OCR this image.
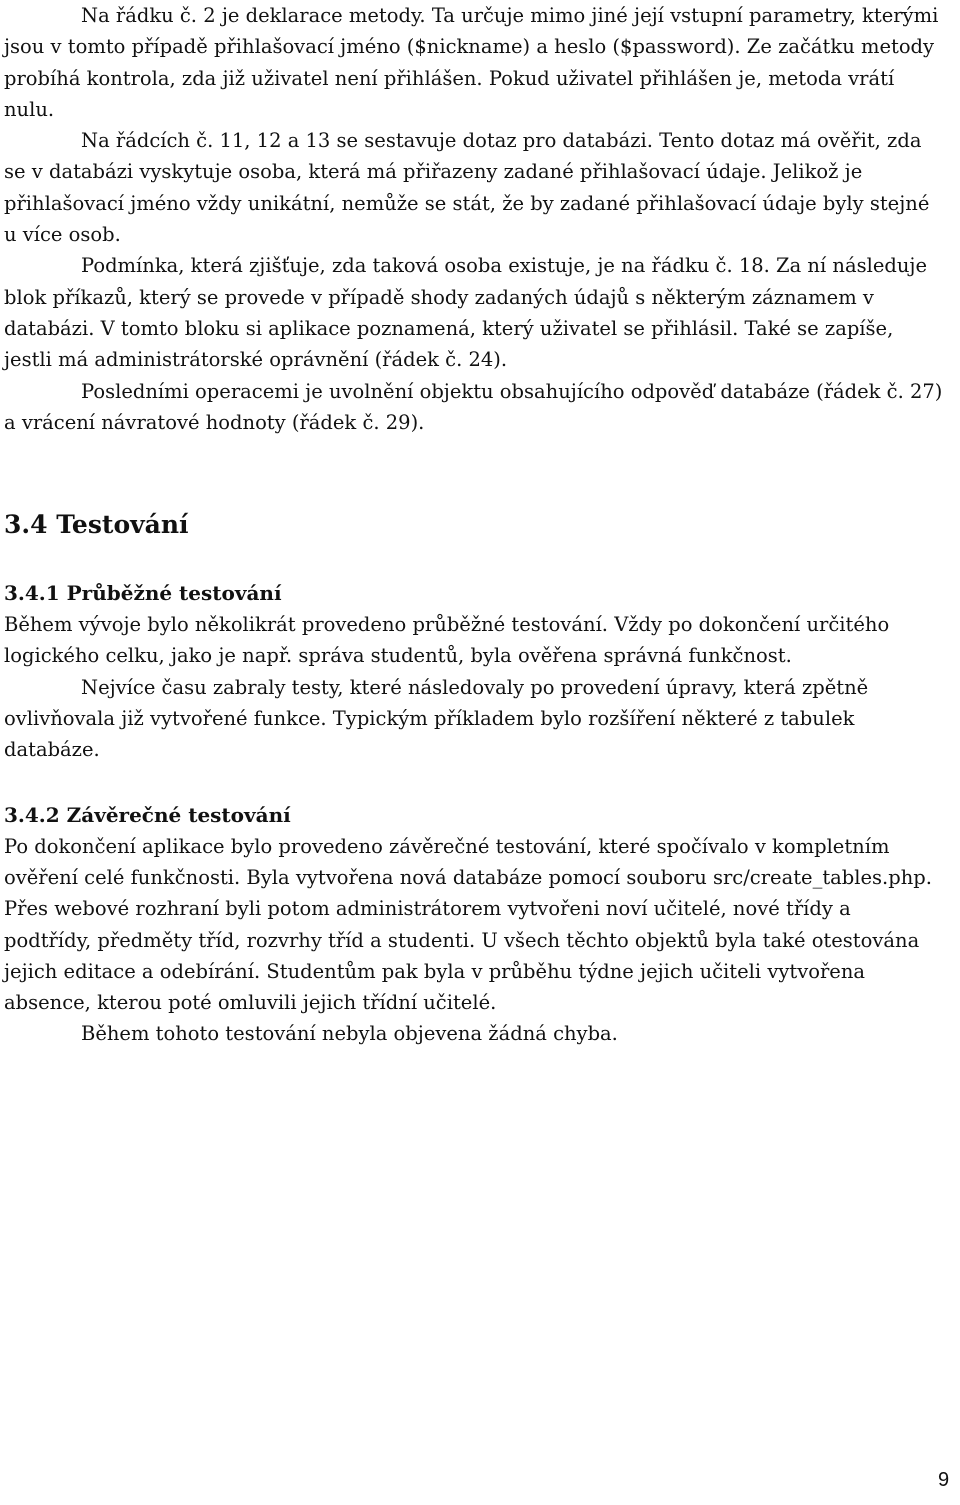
Na řádku č. 2 je deklarace metody. Ta určuje mimo jiné její vstupní parametry, kterými jsou v tomto případě přihlašovací jméno ($nickname) a heslo ($password). Ze začátku metody probíhá kontrola, zda již uživatel není přihlášen. Pokud uživatel přihlášen je, metoda vrátí nulu.

Na řádcích č. 11, 12 a 13 se sestavuje dotaz pro databázi. Tento dotaz má ověřit, zda se v databázi vyskytuje osoba, která má přiřazeny zadané přihlašovací údaje. Jelikož je přihlašovací jméno vždy unikátní, nemůže se stát, že by zadané přihlašovací údaje byly stejné u více osob.

Podmínka, která zjišťuje, zda taková osoba existuje, je na řádku č. 18. Za ní následuje blok příkazů, který se provede v případě shody zadaných údajů s některým záznamem v databázi. V tomto bloku si aplikace poznamená, který uživatel se přihlásil. Také se zapíše, jestli má administrátorské oprávnění (řádek č. 24).

Posledními operacemi je uvolnění objektu obsahujícího odpověď databáze (řádek č. 27) a vrácení návratové hodnoty (řádek č. 29).

3.4 Testování
3.4.1 Průběžné testování

Během vývoje bylo několikrát provedeno průběžné testování. Vždy po dokončení určitého logického celku, jako je např. správa studentů, byla ověřena správná funkčnost.

Nejvíce času zabraly testy, které následovaly po provedení úpravy, která zpětně ovlivňovala již vytvořené funkce. Typickým příkladem bylo rozšíření některé z tabulek databáze.

3.4.2 Závěrečné testování

Po dokončení aplikace bylo provedeno závěrečné testování, které spočívalo v kompletním ověření celé funkčnosti. Byla vytvořena nová databáze pomocí souboru src/create_tables.php. Přes webové rozhraní byli potom administrátorem vytvořeni noví učitelé, nové třídy a podtřídy, předměty tříd, rozvrhy tříd a studenti. U všech těchto objektů byla také otestována jejich editace a odebírání. Studentům pak byla v průběhu týdne jejich učiteli vytvořena absence, kterou poté omluvili jejich třídní učitelé.

Během tohoto testování nebyla objevena žádná chyba.

9
